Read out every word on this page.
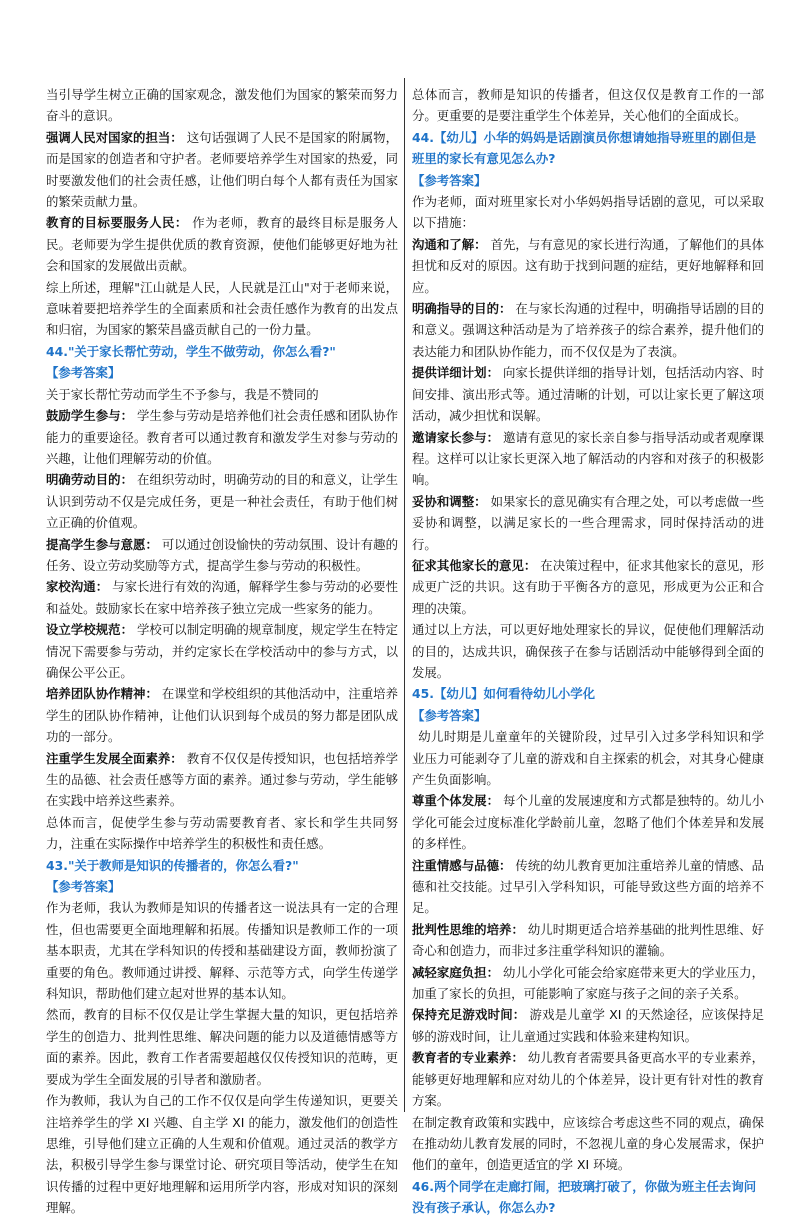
当引导学生树立正确的国家观念，激发他们为国家的繁荣而努力奋斗的意识。
强调人民对国家的担当： 这句话强调了人民不是国家的附属物，而是国家的创造者和守护者。老师要培养学生对国家的热爱，同时要激发他们的社会责任感，让他们明白每个人都有责任为国家的繁荣贡献力量。
教育的目标要服务人民： 作为老师，教育的最终目标是服务人民。老师要为学生提供优质的教育资源，使他们能够更好地为社会和国家的发展做出贡献。
综上所述，理解"江山就是人民，人民就是江山"对于老师来说，意味着要把培养学生的全面素质和社会责任感作为教育的出发点和归宿，为国家的繁荣昌盛贡献自己的一份力量。
44."关于家长帮忙劳动，学生不做劳动，你怎么看?"
【参考答案】
关于家长帮忙劳动而学生不予参与，我是不赞同的
鼓励学生参与： 学生参与劳动是培养他们社会责任感和团队协作能力的重要途径。教育者可以通过教育和激发学生对参与劳动的兴趣，让他们理解劳动的价值。
明确劳动目的： 在组织劳动时，明确劳动的目的和意义，让学生认识到劳动不仅是完成任务，更是一种社会责任，有助于他们树立正确的价值观。
提高学生参与意愿： 可以通过创设愉快的劳动氛围、设计有趣的任务、设立劳动奖励等方式，提高学生参与劳动的积极性。
家校沟通： 与家长进行有效的沟通，解释学生参与劳动的必要性和益处。鼓励家长在家中培养孩子独立完成一些家务的能力。
设立学校规范： 学校可以制定明确的规章制度，规定学生在特定情况下需要参与劳动，并约定家长在学校活动中的参与方式，以确保公平公正。
培养团队协作精神： 在课堂和学校组织的其他活动中，注重培养学生的团队协作精神，让他们认识到每个成员的努力都是团队成功的一部分。
注重学生发展全面素养： 教育不仅仅是传授知识，也包括培养学生的品德、社会责任感等方面的素养。通过参与劳动，学生能够在实践中培养这些素养。
总体而言，促使学生参与劳动需要教育者、家长和学生共同努力，注重在实际操作中培养学生的积极性和责任感。
43."关于教师是知识的传播者的，你怎么看?"
【参考答案】
作为老师，我认为教师是知识的传播者这一说法具有一定的合理性，但也需要更全面地理解和拓展。传播知识是教师工作的一项基本职责，尤其在学科知识的传授和基础建设方面，教师扮演了重要的角色。教师通过讲授、解释、示范等方式，向学生传递学科知识，帮助他们建立起对世界的基本认知。
然而，教育的目标不仅仅是让学生掌握大量的知识，更包括培养学生的创造力、批判性思维、解决问题的能力以及道德情感等方面的素养。因此，教育工作者需要超越仅仅传授知识的范畴，更要成为学生全面发展的引导者和激励者。
作为教师，我认为自己的工作不仅仅是向学生传递知识，更要关注培养学生的学 XI 兴趣、自主学 XI 的能力，激发他们的创造性思维，引导他们建立正确的人生观和价值观。通过灵活的教学方法，积极引导学生参与课堂讨论、研究项目等活动，使学生在知识传播的过程中更好地理解和运用所学内容，形成对知识的深刻理解。
总体而言，教师是知识的传播者，但这仅仅是教育工作的一部分。更重要的是要注重学生个体差异，关心他们的全面成长。
44.【幼儿】小华的妈妈是话剧演员你想请她指导班里的剧但是班里的家长有意见怎么办?
【参考答案】
作为老师，面对班里家长对小华妈妈指导话剧的意见，可以采取以下措施：
沟通和了解： 首先，与有意见的家长进行沟通，了解他们的具体担忧和反对的原因。这有助于找到问题的症结，更好地解释和回应。
明确指导的目的： 在与家长沟通的过程中，明确指导话剧的目的和意义。强调这种活动是为了培养孩子的综合素养，提升他们的表达能力和团队协作能力，而不仅仅是为了表演。
提供详细计划： 向家长提供详细的指导计划，包括活动内容、时间安排、演出形式等。通过清晰的计划，可以让家长更了解这项活动，减少担忧和误解。
邀请家长参与： 邀请有意见的家长亲自参与指导活动或者观摩课程。这样可以让家长更深入地了解活动的内容和对孩子的积极影响。
妥协和调整： 如果家长的意见确实有合理之处，可以考虑做一些妥协和调整，以满足家长的一些合理需求，同时保持活动的进行。
征求其他家长的意见： 在决策过程中，征求其他家长的意见，形成更广泛的共识。这有助于平衡各方的意见，形成更为公正和合理的决策。
通过以上方法，可以更好地处理家长的异议，促使他们理解活动的目的，达成共识，确保孩子在参与话剧活动中能够得到全面的发展。
45.【幼儿】如何看待幼儿小学化
【参考答案】
幼儿时期是儿童童年的关键阶段，过早引入过多学科知识和学业压力可能剥夺了儿童的游戏和自主探索的机会，对其身心健康产生负面影响。
尊重个体发展： 每个儿童的发展速度和方式都是独特的。幼儿小学化可能会过度标准化学龄前儿童，忽略了他们个体差异和发展的多样性。
注重情感与品德： 传统的幼儿教育更加注重培养儿童的情感、品德和社交技能。过早引入学科知识，可能导致这些方面的培养不足。
批判性思维的培养： 幼儿时期更适合培养基础的批判性思维、好奇心和创造力，而非过多注重学科知识的灌输。
减轻家庭负担： 幼儿小学化可能会给家庭带来更大的学业压力，加重了家长的负担，可能影响了家庭与孩子之间的亲子关系。
保持充足游戏时间： 游戏是儿童学 XI 的天然途径，应该保持足够的游戏时间，让儿童通过实践和体验来建构知识。
教育者的专业素养： 幼儿教育者需要具备更高水平的专业素养，能够更好地理解和应对幼儿的个体差异，设计更有针对性的教育方案。
在制定教育政策和实践中，应该综合考虑这些不同的观点，确保在推动幼儿教育发展的同时，不忽视儿童的身心发展需求，保护他们的童年，创造更适宜的学 XI 环境。
46.两个同学在走廊打闹，把玻璃打破了，你做为班主任去询问没有孩子承认，你怎么办?
